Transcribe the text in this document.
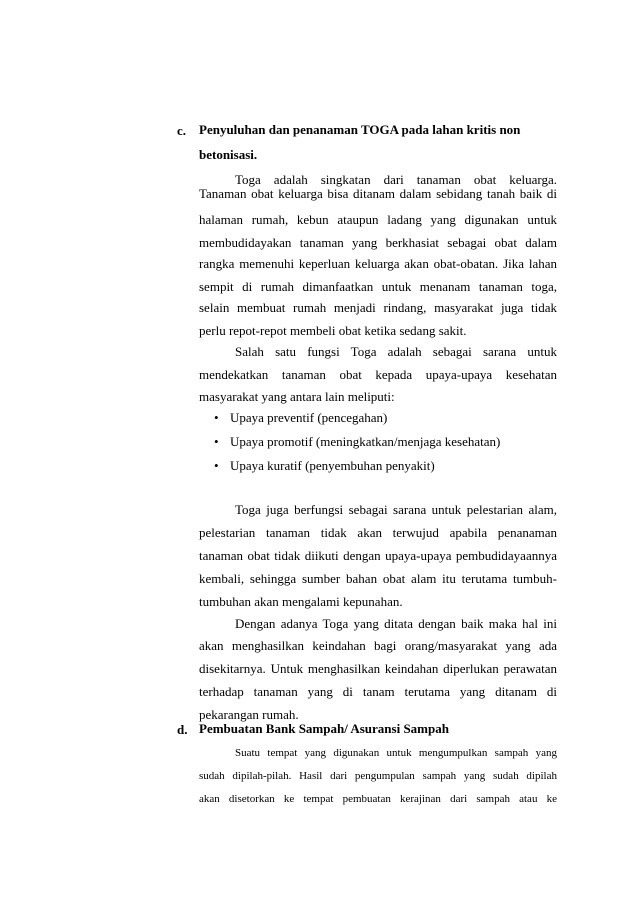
c. Penyuluhan dan penanaman TOGA pada lahan kritis non
betonisasi.
Toga adalah singkatan dari tanaman obat keluarga.
Tanaman obat keluarga bisa ditanam dalam sebidang tanah baik di
halaman rumah, kebun ataupun ladang yang digunakan untuk
membudidayakan tanaman yang berkhasiat sebagai obat dalam
rangka memenuhi keperluan keluarga akan obat-obatan. Jika lahan
sempit di rumah dimanfaatkan untuk menanam tanaman toga,
selain membuat rumah menjadi rindang, masyarakat juga tidak
perlu repot-repot membeli obat ketika sedang sakit.
Salah satu fungsi Toga adalah sebagai sarana untuk
mendekatkan tanaman obat kepada upaya-upaya kesehatan
masyarakat yang antara lain meliputi:
• Upaya preventif (pencegahan)
• Upaya promotif (meningkatkan/menjaga kesehatan)
• Upaya kuratif (penyembuhan penyakit)
Toga juga berfungsi sebagai sarana untuk pelestarian alam,
pelestarian tanaman tidak akan terwujud apabila penanaman
tanaman obat tidak diikuti dengan upaya-upaya pembudidayaannya
kembali, sehingga sumber bahan obat alam itu terutama tumbuh-
tumbuhan akan mengalami kepunahan.
Dengan adanya Toga yang ditata dengan baik maka hal ini
akan menghasilkan keindahan bagi orang/masyarakat yang ada
disekitarnya. Untuk menghasilkan keindahan diperlukan perawatan
terhadap tanaman yang di tanam terutama yang ditanam di
pekarangan rumah.
d. Pembuatan Bank Sampah/ Asuransi Sampah
Suatu tempat yang digunakan untuk mengumpulkan sampah yang
sudah dipilah-pilah. Hasil dari pengumpulan sampah yang sudah dipilah
akan disetorkan ke tempat pembuatan kerajinan dari sampah atau ke
